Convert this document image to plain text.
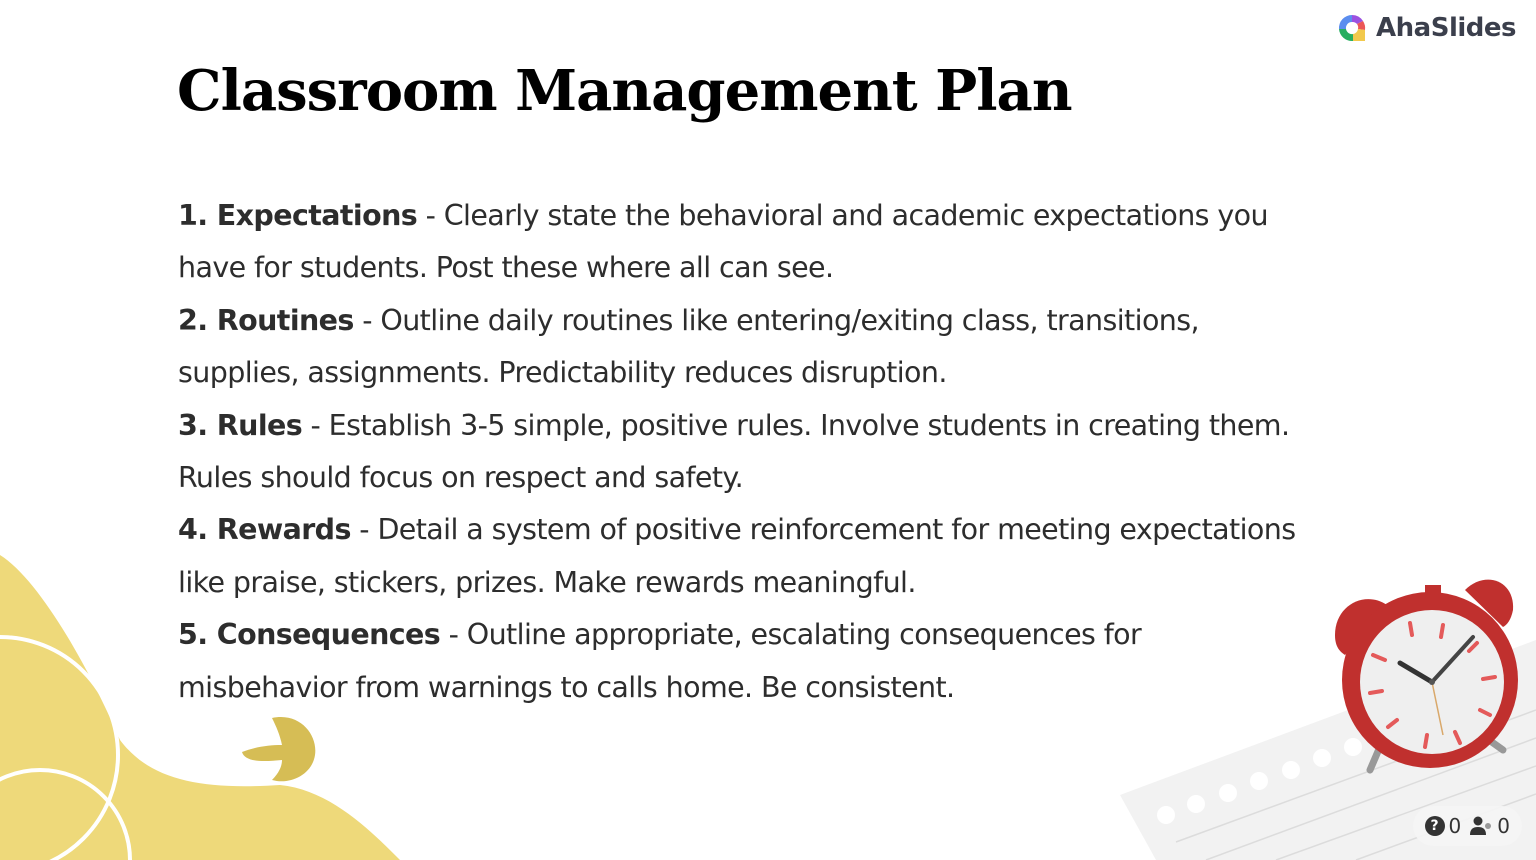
AhaSlides
Classroom Management Plan
1. Expectations - Clearly state the behavioral and academic expectations you have for students. Post these where all can see.
2. Routines - Outline daily routines like entering/exiting class, transitions, supplies, assignments. Predictability reduces disruption.
3. Rules - Establish 3-5 simple, positive rules. Involve students in creating them. Rules should focus on respect and safety.
4. Rewards - Detail a system of positive reinforcement for meeting expectations like praise, stickers, prizes. Make rewards meaningful.
5. Consequences - Outline appropriate, escalating consequences for misbehavior from warnings to calls home. Be consistent.
? 0 0
